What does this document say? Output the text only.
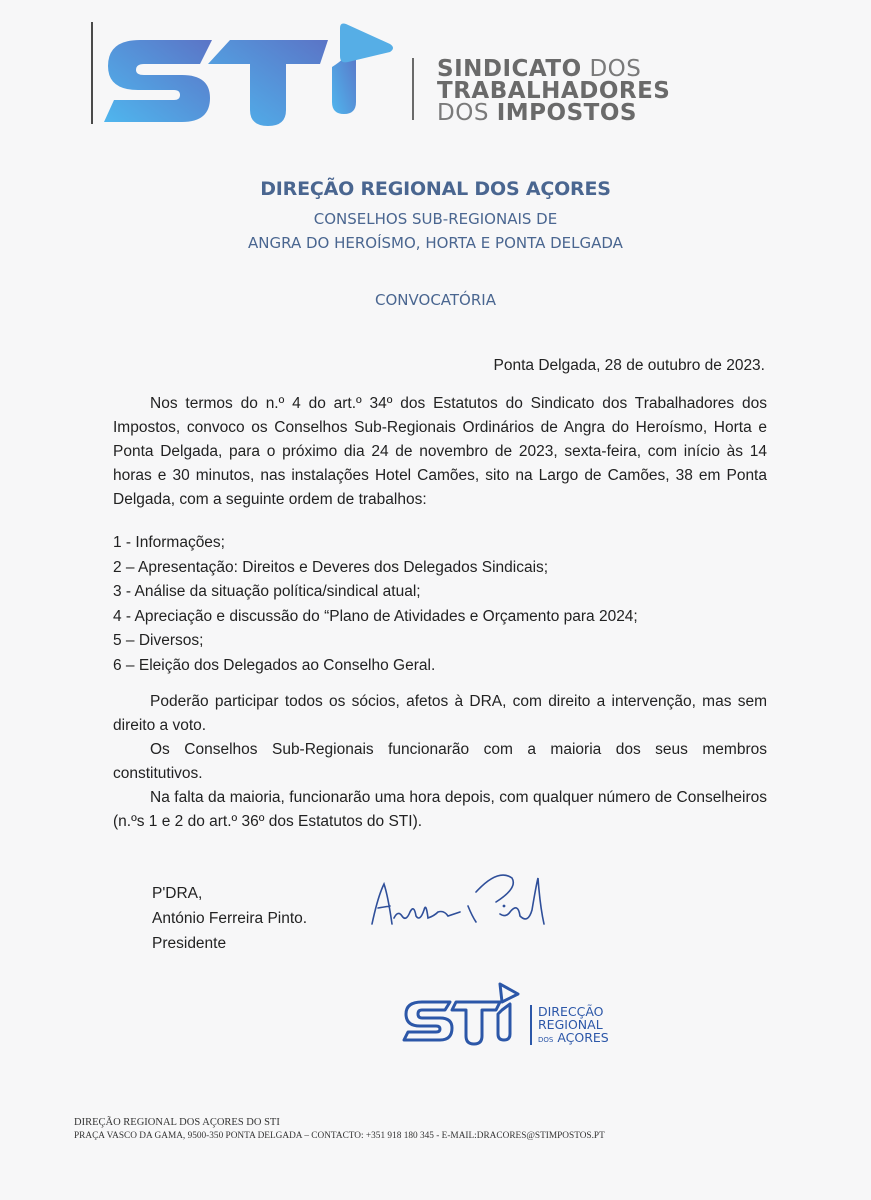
SINDICATO DOS
TRABALHADORES
DOS IMPOSTOS
DIREÇÃO REGIONAL DOS AÇORES
CONSELHOS SUB-REGIONAIS DE
ANGRA DO HEROÍSMO, HORTA E PONTA DELGADA
CONVOCATÓRIA
Ponta Delgada, 28 de outubro de 2023.
Nos termos do n.º 4 do art.º 34º dos Estatutos do Sindicato dos Trabalhadores dos Impostos, convoco os Conselhos Sub-Regionais Ordinários de Angra do Heroísmo, Horta e Ponta Delgada, para o próximo dia 24 de novembro de 2023, sexta-feira, com início às 14 horas e 30 minutos, nas instalações Hotel Camões, sito na Largo de Camões, 38 em Ponta Delgada, com a seguinte ordem de trabalhos:
1 - Informações;
2 – Apresentação: Direitos e Deveres dos Delegados Sindicais;
3 - Análise da situação política/sindical atual;
4 - Apreciação e discussão do “Plano de Atividades e Orçamento para 2024;
5 – Diversos;
6 – Eleição dos Delegados ao Conselho Geral.

Poderão participar todos os sócios, afetos à DRA, com direito a intervenção, mas sem direito a voto.

Os Conselhos Sub-Regionais funcionarão com a maioria dos seus membros constitutivos.

Na falta da maioria, funcionarão uma hora depois, com qualquer número de Conselheiros (n.ºs 1 e 2 do art.º 36º dos Estatutos do STI).

P'DRA,
António Ferreira Pinto.
Presidente
DIRECÇÃO
REGIONAL
DOS AÇORES
DIREÇÃO REGIONAL DOS AÇORES DO STI
PRAÇA VASCO DA GAMA, 9500-350 PONTA DELGADA – CONTACTO: +351 918 180 345 - E-MAIL:DRACORES@STIMPOSTOS.PT
